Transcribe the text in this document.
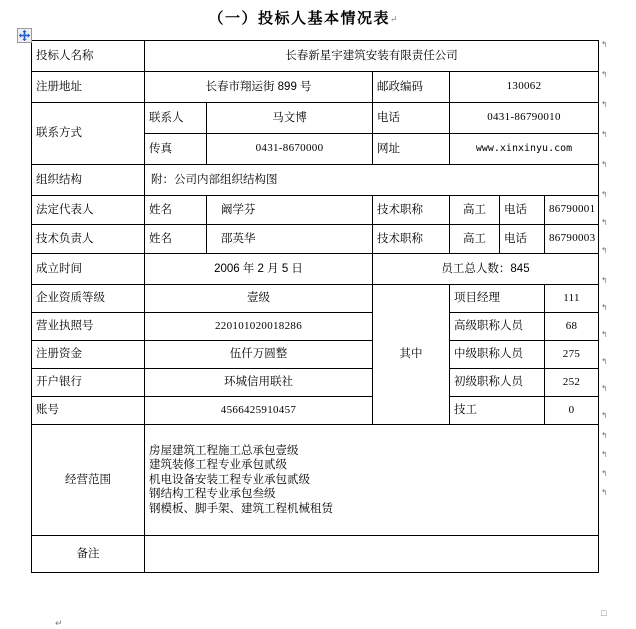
（一）投标人基本情况表↵
投标人名称	长春新星宇建筑安装有限责任公司					
注册地址	长春市翔运街 899 号		邮政编码	130062		
联系方式	联系人	马文博	电话	0431-86790010		
	传真	0431-8670000	网址	www.xinxinyu.com		
组织结构	附：公司内部组织结构图					
法定代表人	姓名	阚学芬	技术职称	高工	电话	86790001
技术负责人	姓名	邵英华	技术职称	高工	电话	86790003
成立时间	2006 年 2 月 5 日		员工总人数：845			
企业资质等级	壹级		其中	项目经理		111
营业执照号	220101020018286			高级职称人员		68
注册资金	伍仟万圆整			中级职称人员		275
开户银行	环城信用联社			初级职称人员		252
账号	4566425910457			技工		0
经营范围	房屋建筑工程施工总承包壹级
建筑装修工程专业承包贰级
机电设备安装工程专业承包贰级
钢结构工程专业承包叁级
钢模板、脚手架、建筑工程机械租赁					

备注						
↰
↰
↰
↰
↰
↰
↰
↰
↰
↰
↰
↰
↰
↰
↰
↰
↰
↰
□
↵
